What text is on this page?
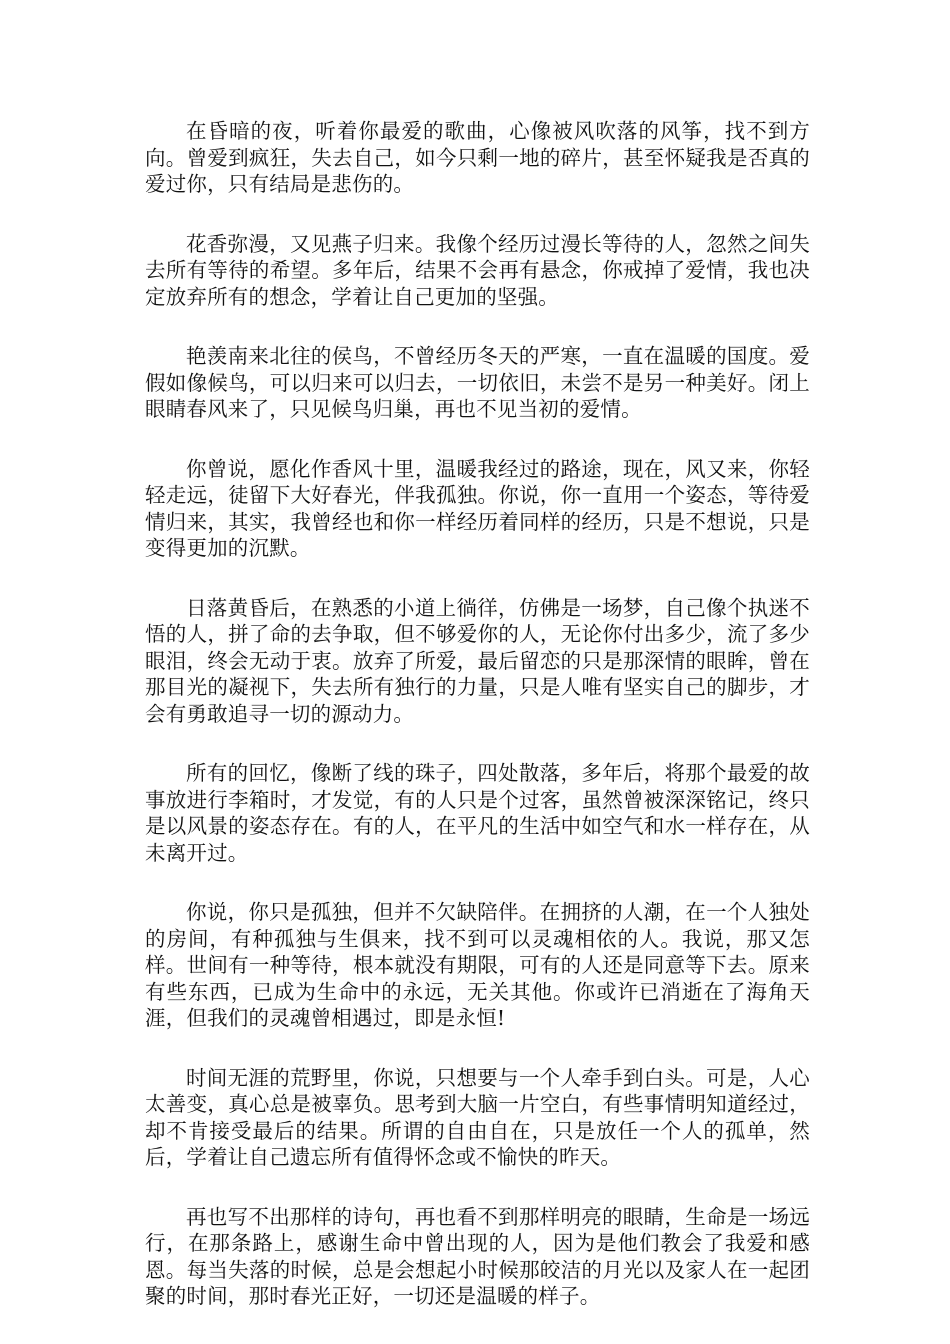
在昏暗的夜，听着你最爱的歌曲，心像被风吹落的风筝，找不到方向。曾爱到疯狂，失去自己，如今只剩一地的碎片，甚至怀疑我是否真的爱过你，只有结局是悲伤的。

花香弥漫，又见燕子归来。我像个经历过漫长等待的人，忽然之间失去所有等待的希望。多年后，结果不会再有悬念，你戒掉了爱情，我也决定放弃所有的想念，学着让自己更加的坚强。

艳羡南来北往的侯鸟，不曾经历冬天的严寒，一直在温暖的国度。爱假如像候鸟，可以归来可以归去，一切依旧，未尝不是另一种美好。闭上眼睛春风来了，只见候鸟归巢，再也不见当初的爱情。

你曾说，愿化作香风十里，温暖我经过的路途，现在，风又来，你轻轻走远，徒留下大好春光，伴我孤独。你说，你一直用一个姿态，等待爱情归来，其实，我曾经也和你一样经历着同样的经历，只是不想说，只是变得更加的沉默。

日落黄昏后，在熟悉的小道上徜徉，仿佛是一场梦，自己像个执迷不悟的人，拼了命的去争取，但不够爱你的人，无论你付出多少，流了多少眼泪，终会无动于衷。放弃了所爱，最后留恋的只是那深情的眼眸，曾在那目光的凝视下，失去所有独行的力量，只是人唯有坚实自己的脚步，才会有勇敢追寻一切的源动力。

所有的回忆，像断了线的珠子，四处散落，多年后，将那个最爱的故事放进行李箱时，才发觉，有的人只是个过客，虽然曾被深深铭记，终只是以风景的姿态存在。有的人，在平凡的生活中如空气和水一样存在，从未离开过。

你说，你只是孤独，但并不欠缺陪伴。在拥挤的人潮，在一个人独处的房间，有种孤独与生俱来，找不到可以灵魂相依的人。我说，那又怎样。世间有一种等待，根本就没有期限，可有的人还是同意等下去。原来有些东西，已成为生命中的永远，无关其他。你或许已消逝在了海角天涯，但我们的灵魂曾相遇过，即是永恒!

时间无涯的荒野里，你说，只想要与一个人牵手到白头。可是，人心太善变，真心总是被辜负。思考到大脑一片空白，有些事情明知道经过，却不肯接受最后的结果。所谓的自由自在，只是放任一个人的孤单，然后，学着让自己遗忘所有值得怀念或不愉快的昨天。

再也写不出那样的诗句，再也看不到那样明亮的眼睛，生命是一场远行，在那条路上，感谢生命中曾出现的人，因为是他们教会了我爱和感恩。每当失落的时候，总是会想起小时候那皎洁的月光以及家人在一起团聚的时间，那时春光正好，一切还是温暖的样子。
